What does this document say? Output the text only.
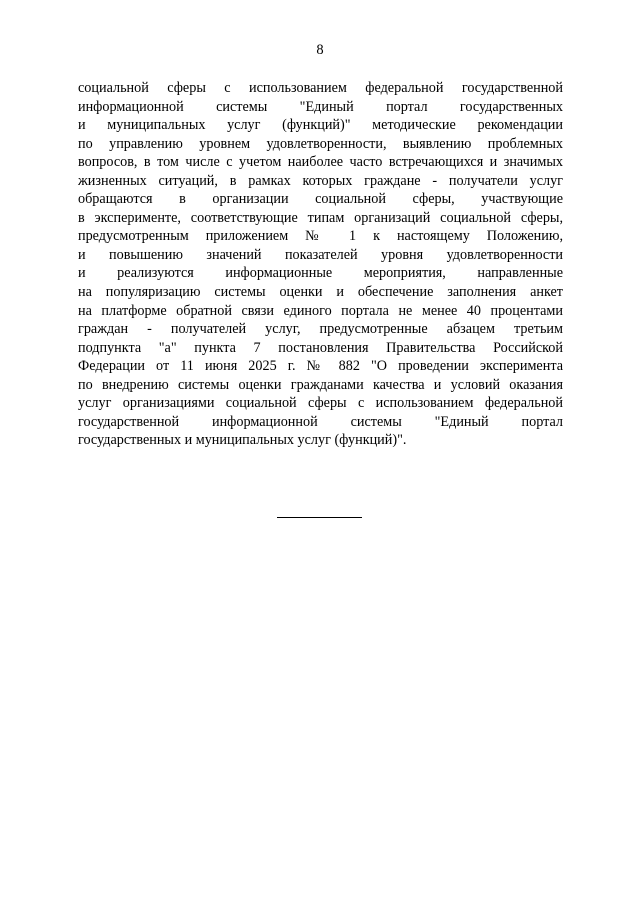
8
социальной сферы с использованием федеральной государственной
информационной системы "Единый портал государственных
и муниципальных услуг (функций)" методические рекомендации
по управлению уровнем удовлетворенности, выявлению проблемных
вопросов, в том числе с учетом наиболее часто встречающихся и значимых
жизненных ситуаций, в рамках которых граждане - получатели услуг
обращаются в организации социальной сферы, участвующие
в эксперименте, соответствующие типам организаций социальной сферы,
предусмотренным приложением № 1 к настоящему Положению,
и повышению значений показателей уровня удовлетворенности
и реализуются информационные мероприятия, направленные
на популяризацию системы оценки и обеспечение заполнения анкет
на платформе обратной связи единого портала не менее 40 процентами
граждан - получателей услуг, предусмотренные абзацем третьим
подпункта "а" пункта 7 постановления Правительства Российской
Федерации от 11 июня 2025 г. № 882 "О проведении эксперимента
по внедрению системы оценки гражданами качества и условий оказания
услуг организациями социальной сферы с использованием федеральной
государственной информационной системы "Единый портал
государственных и муниципальных услуг (функций)".
